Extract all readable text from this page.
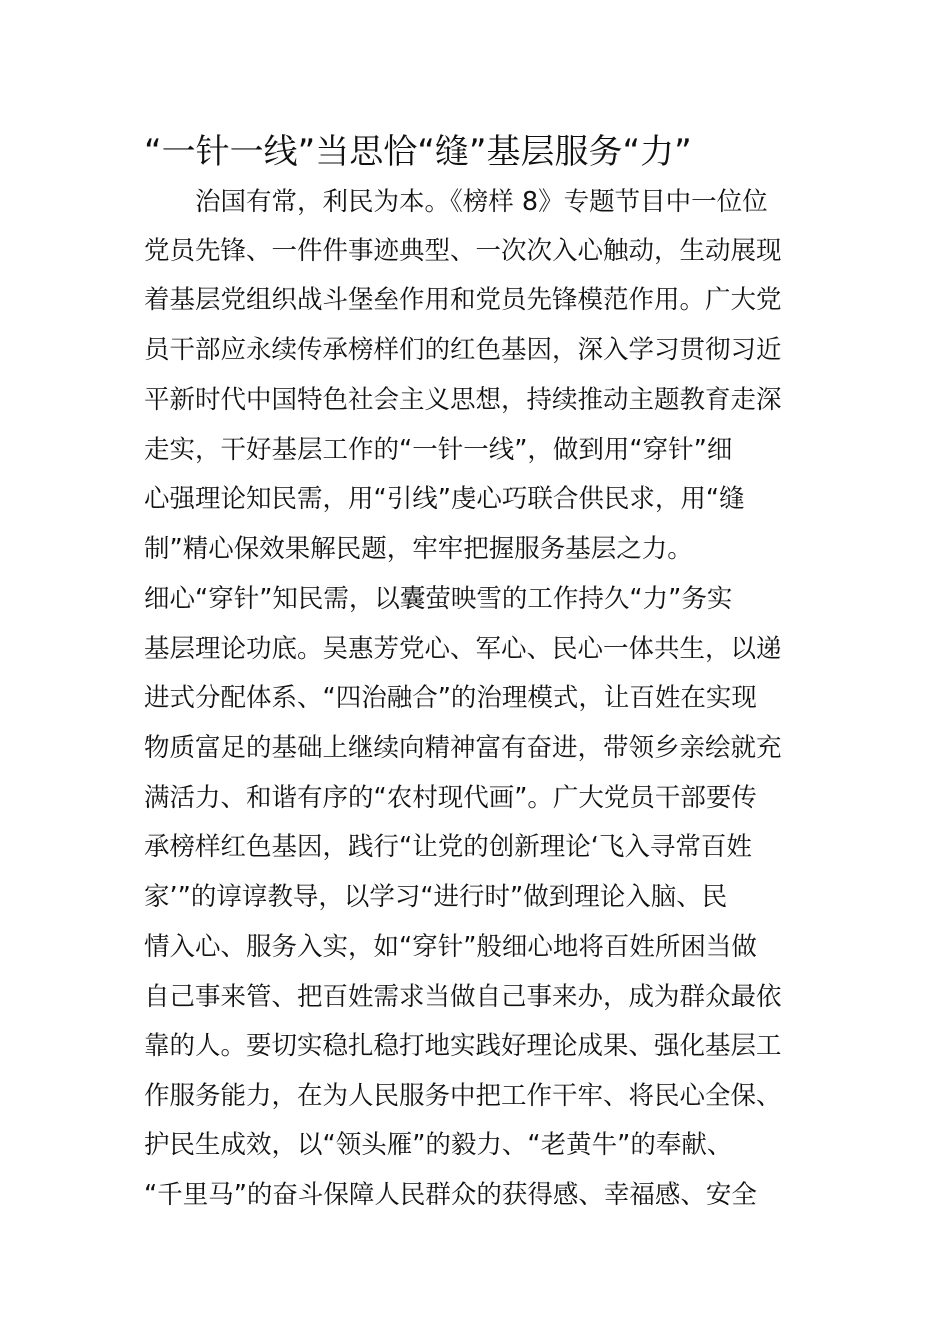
“一针一线”当思恰“缝”基层服务“力”
　　治国有常，利民为本。《榜样 8》专题节目中一位位
党员先锋、一件件事迹典型、一次次入心触动，生动展现
着基层党组织战斗堡垒作用和党员先锋模范作用。广大党
员干部应永续传承榜样们的红色基因，深入学习贯彻习近
平新时代中国特色社会主义思想，持续推动主题教育走深
走实，干好基层工作的“一针一线”，做到用“穿针”细
心强理论知民需，用“引线”虔心巧联合供民求，用“缝
制”精心保效果解民题，牢牢把握服务基层之力。
细心“穿针”知民需，以囊萤映雪的工作持久“力”务实
基层理论功底。吴惠芳党心、军心、民心一体共生，以递
进式分配体系、“四治融合”的治理模式，让百姓在实现
物质富足的基础上继续向精神富有奋进，带领乡亲绘就充
满活力、和谐有序的“农村现代画”。广大党员干部要传
承榜样红色基因，践行“让党的创新理论‘飞入寻常百姓
家’”的谆谆教导，以学习“进行时”做到理论入脑、民
情入心、服务入实，如“穿针”般细心地将百姓所困当做
自己事来管、把百姓需求当做自己事来办，成为群众最依
靠的人。要切实稳扎稳打地实践好理论成果、强化基层工
作服务能力，在为人民服务中把工作干牢、将民心全保、
护民生成效，以“领头雁”的毅力、“老黄牛”的奉献、
“千里马”的奋斗保障人民群众的获得感、幸福感、安全
